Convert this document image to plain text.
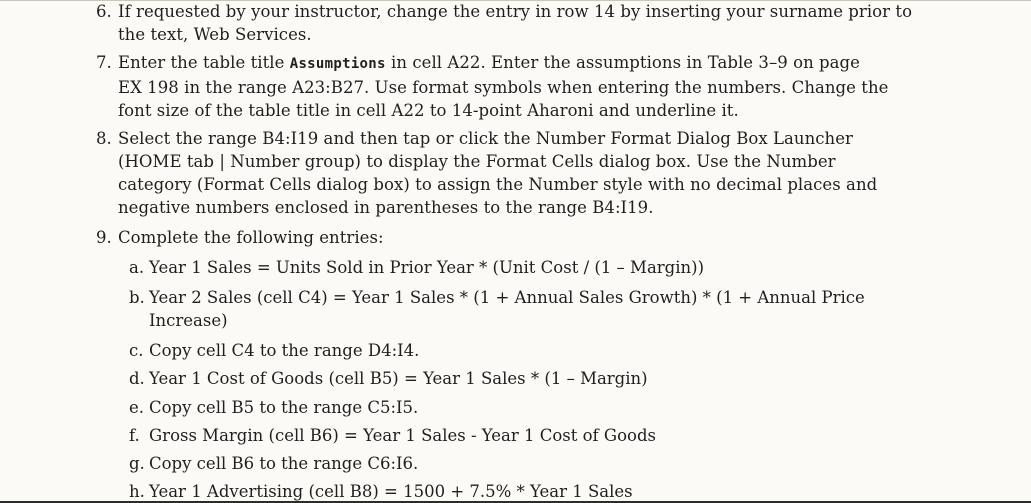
6. If requested by your instructor, change the entry in row 14 by inserting your surname prior to
the text, Web Services.
7. Enter the table title Assumptions in cell A22. Enter the assumptions in Table 3–9 on page
EX 198 in the range A23:B27. Use format symbols when entering the numbers. Change the
font size of the table title in cell A22 to 14-point Aharoni and underline it.
8. Select the range B4:I19 and then tap or click the Number Format Dialog Box Launcher
(HOME tab | Number group) to display the Format Cells dialog box. Use the Number
category (Format Cells dialog box) to assign the Number style with no decimal places and
negative numbers enclosed in parentheses to the range B4:I19.
9. Complete the following entries:
a. Year 1 Sales = Units Sold in Prior Year * (Unit Cost / (1 – Margin))
b. Year 2 Sales (cell C4) = Year 1 Sales * (1 + Annual Sales Growth) * (1 + Annual Price
Increase)
c. Copy cell C4 to the range D4:I4.
d. Year 1 Cost of Goods (cell B5) = Year 1 Sales * (1 – Margin)
e. Copy cell B5 to the range C5:I5.
f. Gross Margin (cell B6) = Year 1 Sales - Year 1 Cost of Goods
g. Copy cell B6 to the range C6:I6.
h. Year 1 Advertising (cell B8) = 1500 + 7.5% * Year 1 Sales
